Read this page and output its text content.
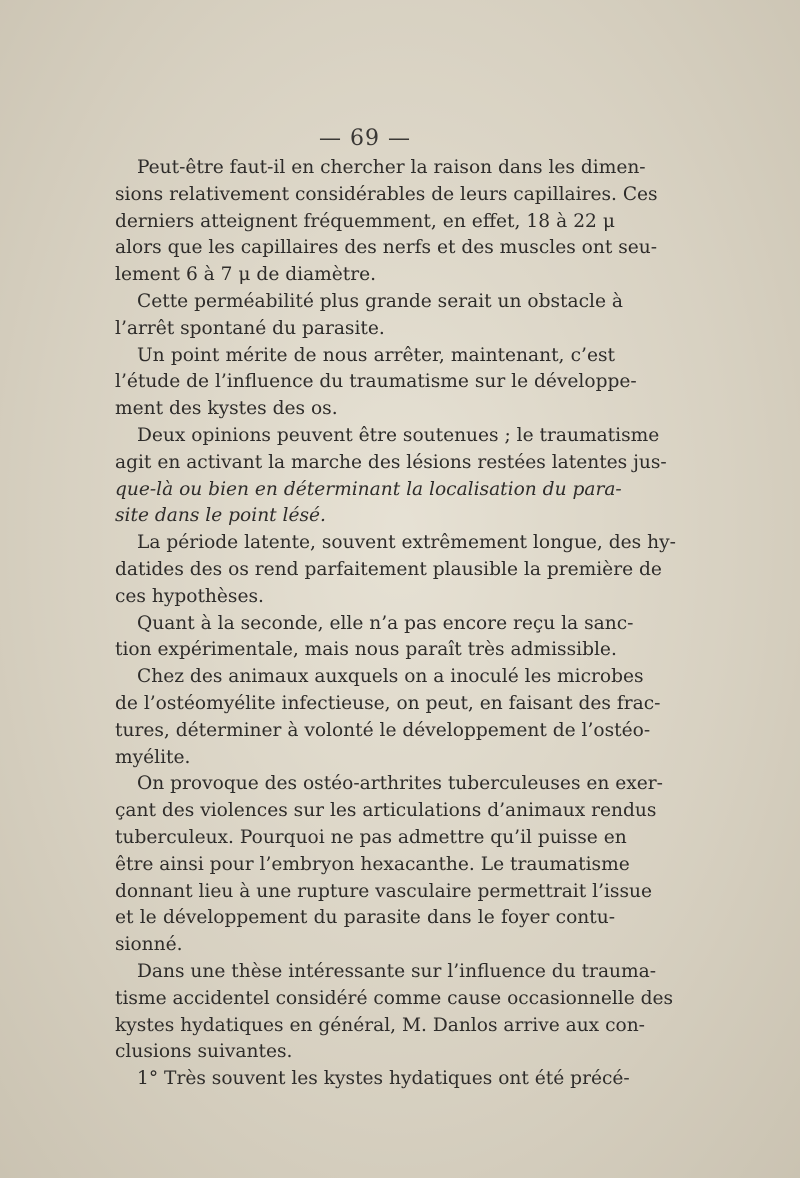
— 69 —
Peut-être faut-il en chercher la raison dans les dimen-
sions relativement considérables de leurs capillaires. Ces
derniers atteignent fréquemment, en effet, 18 à 22 μ
alors que les capillaires des nerfs et des muscles ont seu-
lement 6 à 7 μ de diamètre.
Cette perméabilité plus grande serait un obstacle à
l’arrêt spontané du parasite.
Un point mérite de nous arrêter, maintenant, c’est
l’étude de l’influence du traumatisme sur le développe-
ment des kystes des os.
Deux opinions peuvent être soutenues ; le traumatisme
agit en activant la marche des lésions restées latentes jus-
que-là ou bien en déterminant la localisation du para-
site dans le point lésé.
La période latente, souvent extrêmement longue, des hy-
datides des os rend parfaitement plausible la première de
ces hypothèses.
Quant à la seconde, elle n’a pas encore reçu la sanc-
tion expérimentale, mais nous paraît très admissible.
Chez des animaux auxquels on a inoculé les microbes
de l’ostéomyélite infectieuse, on peut, en faisant des frac-
tures, déterminer à volonté le développement de l’ostéo-
myélite.
On provoque des ostéo-arthrites tuberculeuses en exer-
çant des violences sur les articulations d’animaux rendus
tuberculeux. Pourquoi ne pas admettre qu’il puisse en
être ainsi pour l’embryon hexacanthe. Le traumatisme
donnant lieu à une rupture vasculaire permettrait l’issue
et le développement du parasite dans le foyer contu-
sionné.
Dans une thèse intéressante sur l’influence du trauma-
tisme accidentel considéré comme cause occasionnelle des
kystes hydatiques en général, M. Danlos arrive aux con-
clusions suivantes.
1° Très souvent les kystes hydatiques ont été précé-
